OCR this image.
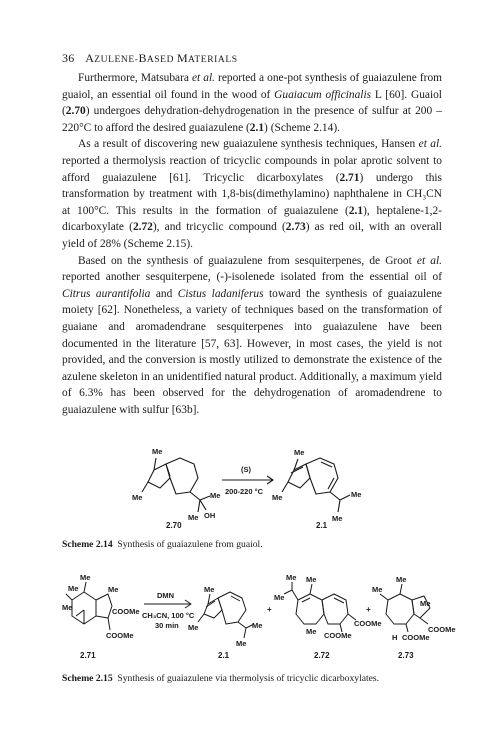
36 AZULENE-BASED MATERIALS

Furthermore, Matsubara et al. reported a one-pot synthesis of guaiazulene from guaiol, an essential oil found in the wood of Guaiacum officinalis L [60]. Guaiol (2.70) undergoes dehydration-dehydrogenation in the presence of sulfur at 200 – 220°C to afford the desired guaiazulene (2.1) (Scheme 2.14).

As a result of discovering new guaiazulene synthesis techniques, Hansen et al. reported a thermolysis reaction of tricyclic compounds in polar aprotic solvent to afford guaiazulene [61]. Tricyclic dicarboxylates (2.71) undergo this transformation by treatment with 1,8-bis(dimethylamino) naphthalene in CH₃CN at 100°C. This results in the formation of guaiazulene (2.1), heptalene-1,2-dicarboxylate (2.72), and tricyclic compound (2.73) as red oil, with an overall yield of 28% (Scheme 2.15).

Based on the synthesis of guaiazulene from sesquiterpenes, de Groot et al. reported another sesquiterpene, (-)-isolenede isolated from the essential oil of Citrus aurantifolia and Cistus ladaniferus toward the synthesis of guaiazulene moiety [62]. Nonetheless, a variety of techniques based on the transformation of guaiane and aromadendrane sesquiterpenes into guaiazulene have been documented in the literature [57, 63]. However, in most cases, the yield is not provided, and the conversion is mostly utilized to demonstrate the existence of the azulene skeleton in an unidentified natural product. Additionally, a maximum yield of 6.3% has been observed for the dehydrogenation of aromadendrene to guaiazulene with sulfur [63b].

Me
Me	Me
Me OH
(S)
200-220 °C
Me
Me	Me
Me
2.70	2.1
Scheme 2.14 Synthesis of guaiazulene from guaiol.
Me
Me
Me
Me
COOMe
COOMe
DMN
CH₃CN, 100 °C
30 min
Me
Me	Me
Me
+
Me
Me
Me
Me
COOMe
COOMe
+
Me
Me
Me
COOMe
H COOMe
2.71	2.1	2.72	2.73
Scheme 2.15 Synthesis of guaiazulene via thermolysis of tricyclic dicarboxylates.
